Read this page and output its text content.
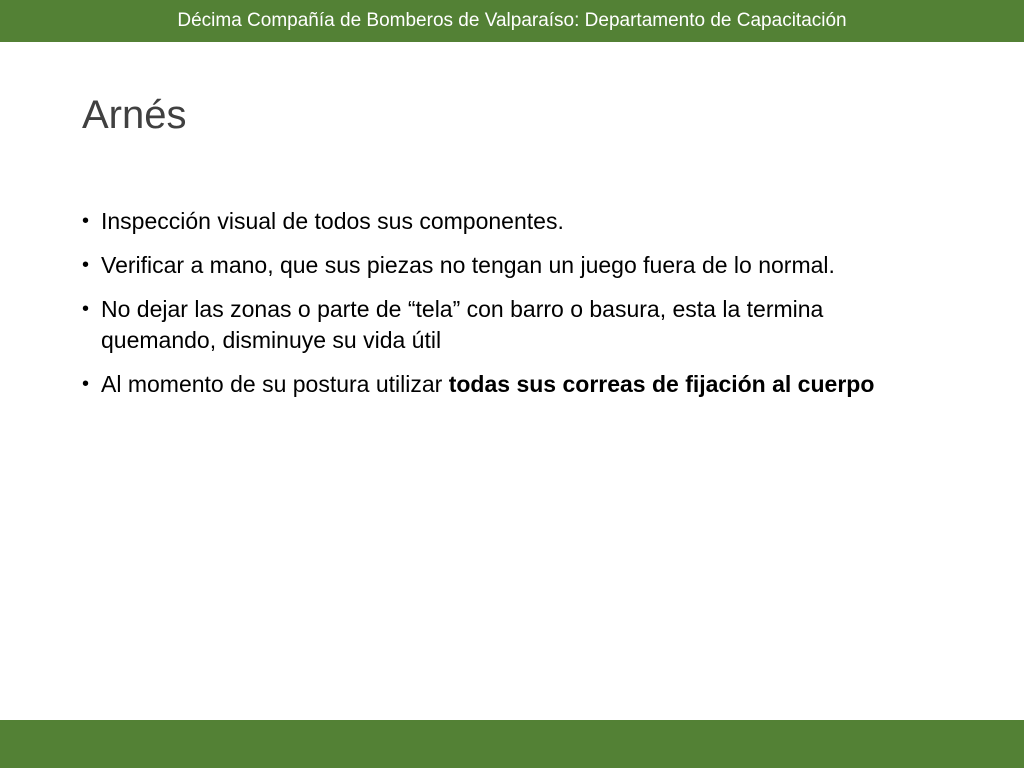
Décima Compañía de Bomberos de Valparaíso: Departamento de Capacitación
Arnés
• Inspección visual de todos sus componentes.
• Verificar a mano, que sus piezas no tengan un juego fuera de lo normal.
• No dejar las zonas o parte de “tela” con barro o basura, esta la termina quemando, disminuye su vida útil
• Al momento de su postura utilizar todas sus correas de fijación al cuerpo
